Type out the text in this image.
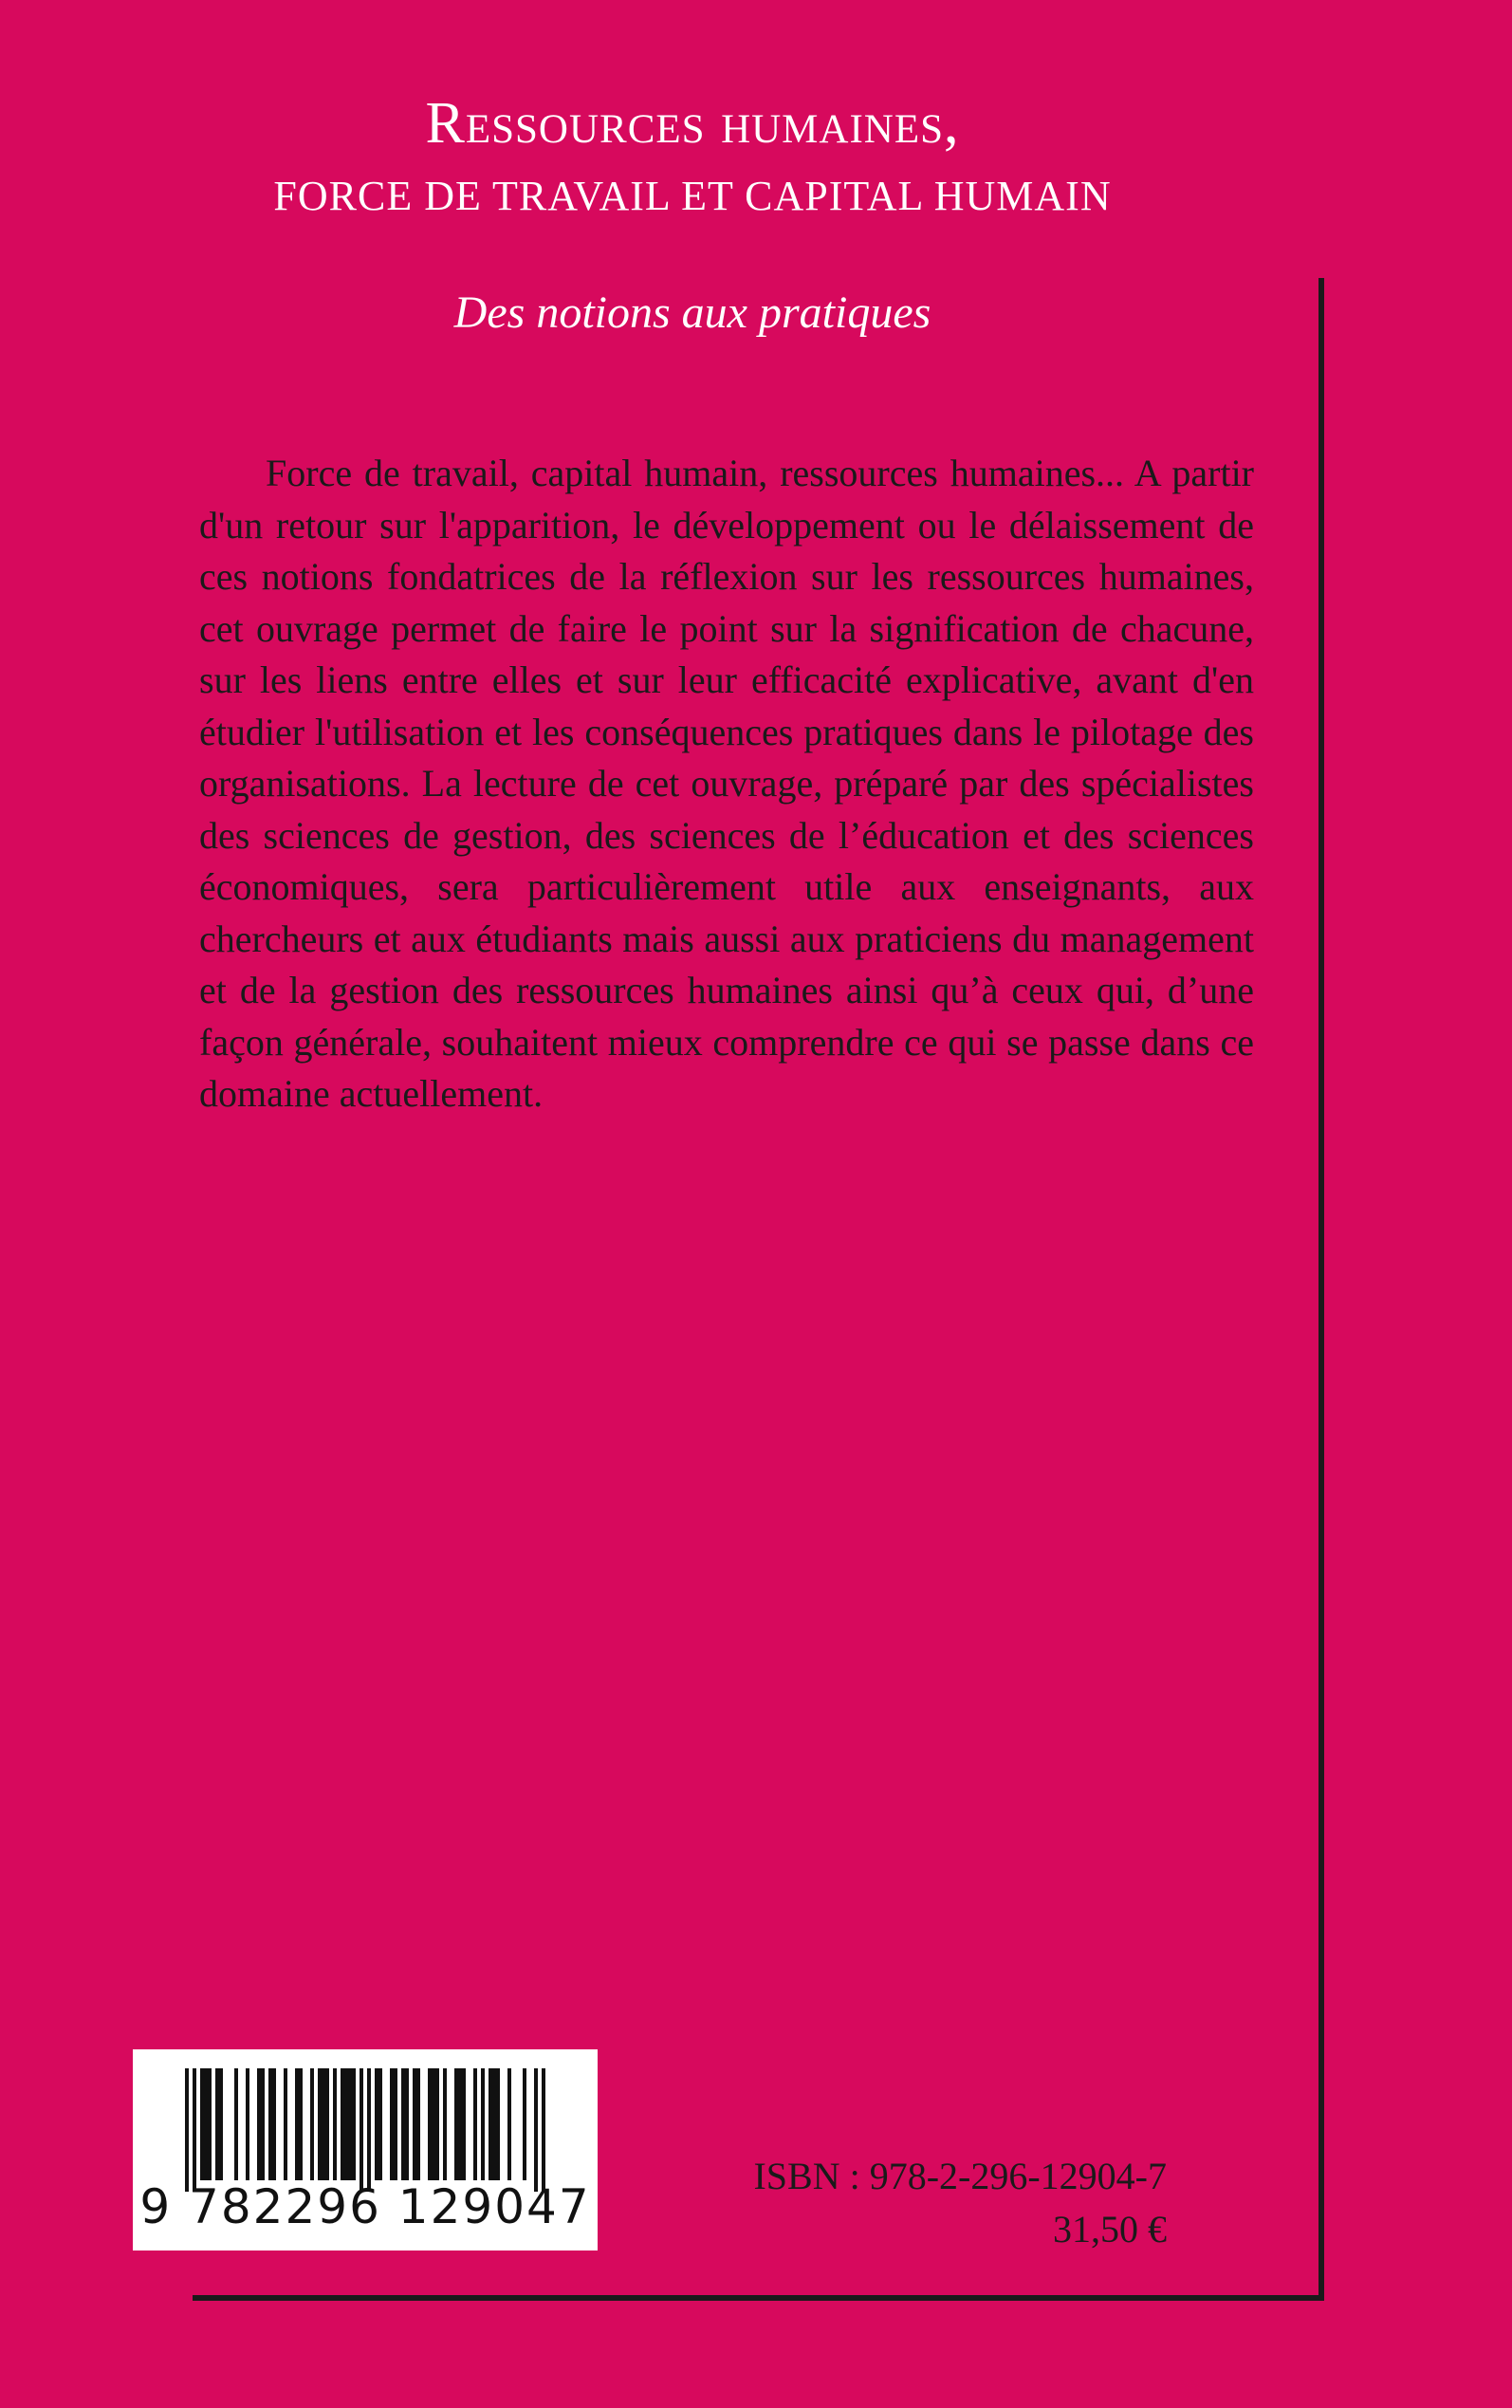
Ressources humaines,
FORCE DE TRAVAIL ET CAPITAL HUMAIN
Des notions aux pratiques

Force de travail, capital humain, ressources humaines... A partir d'un retour sur l'apparition, le développement ou le délaissement de ces notions fondatrices de la réflexion sur les ressources humaines, cet ouvrage permet de faire le point sur la signification de chacune, sur les liens entre elles et sur leur efficacité explicative, avant d'en étudier l'utilisation et les conséquences pratiques dans le pilotage des organisations. La lecture de cet ouvrage, préparé par des spécialistes des sciences de gestion, des sciences de l’éducation et des sciences économiques, sera particulièrement utile aux enseignants, aux chercheurs et aux étudiants mais aussi aux praticiens du management et de la gestion des ressources humaines ainsi qu’à ceux qui, d’une façon générale, souhaitent mieux comprendre ce qui se passe dans ce domaine actuellement.

9 782296 129047
ISBN : 978-2-296-12904-7
31,50 €
